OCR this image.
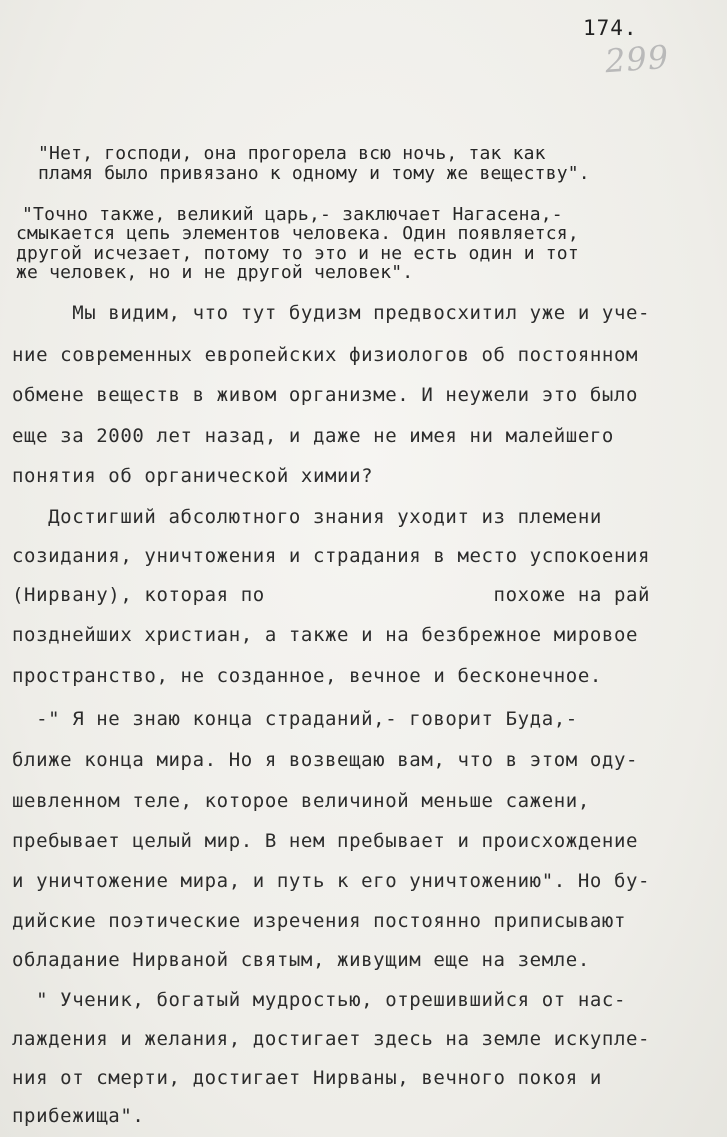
174.
299
"Нет, господи, она прогорела всю ночь, так как
пламя было привязано к одному и тому же веществу".
"Точно также, великий царь,- заключает Нагасена,-
смыкается цепь элементов человека. Один появляется,
другой исчезает, потому то это и не есть один и тот
же человек, но и не другой человек".
Мы видим, что тут будизм предвосхитил уже и уче-
ние современных европейских физиологов об постоянном
обмене веществ в живом организме. И неужели это было
еще за 2000 лет назад, и даже не имея ни малейшего
понятия об органической химии?
Достигший абсолютного знания уходит из племени
созидания, уничтожения и страдания в место успокоения
(Нирвану), которая по                   похоже на рай
позднейших христиан, а также и на безбрежное мировое
пространство, не созданное, вечное и бесконечное.
-" Я не знаю конца страданий,- говорит Буда,-
ближе конца мира. Но я возвещаю вам, что в этом оду-
шевленном теле, которое величиной меньше сажени,
пребывает целый мир. В нем пребывает и происхождение
и уничтожение мира, и путь к его уничтожению". Но бу-
дийские поэтические изречения постоянно приписывают
обладание Нирваной святым, живущим еще на земле.
" Ученик, богатый мудростью, отрешившийся от нас-
лаждения и желания, достигает здесь на земле искупле-
ния от смерти, достигает Нирваны, вечного покоя и
прибежища".
